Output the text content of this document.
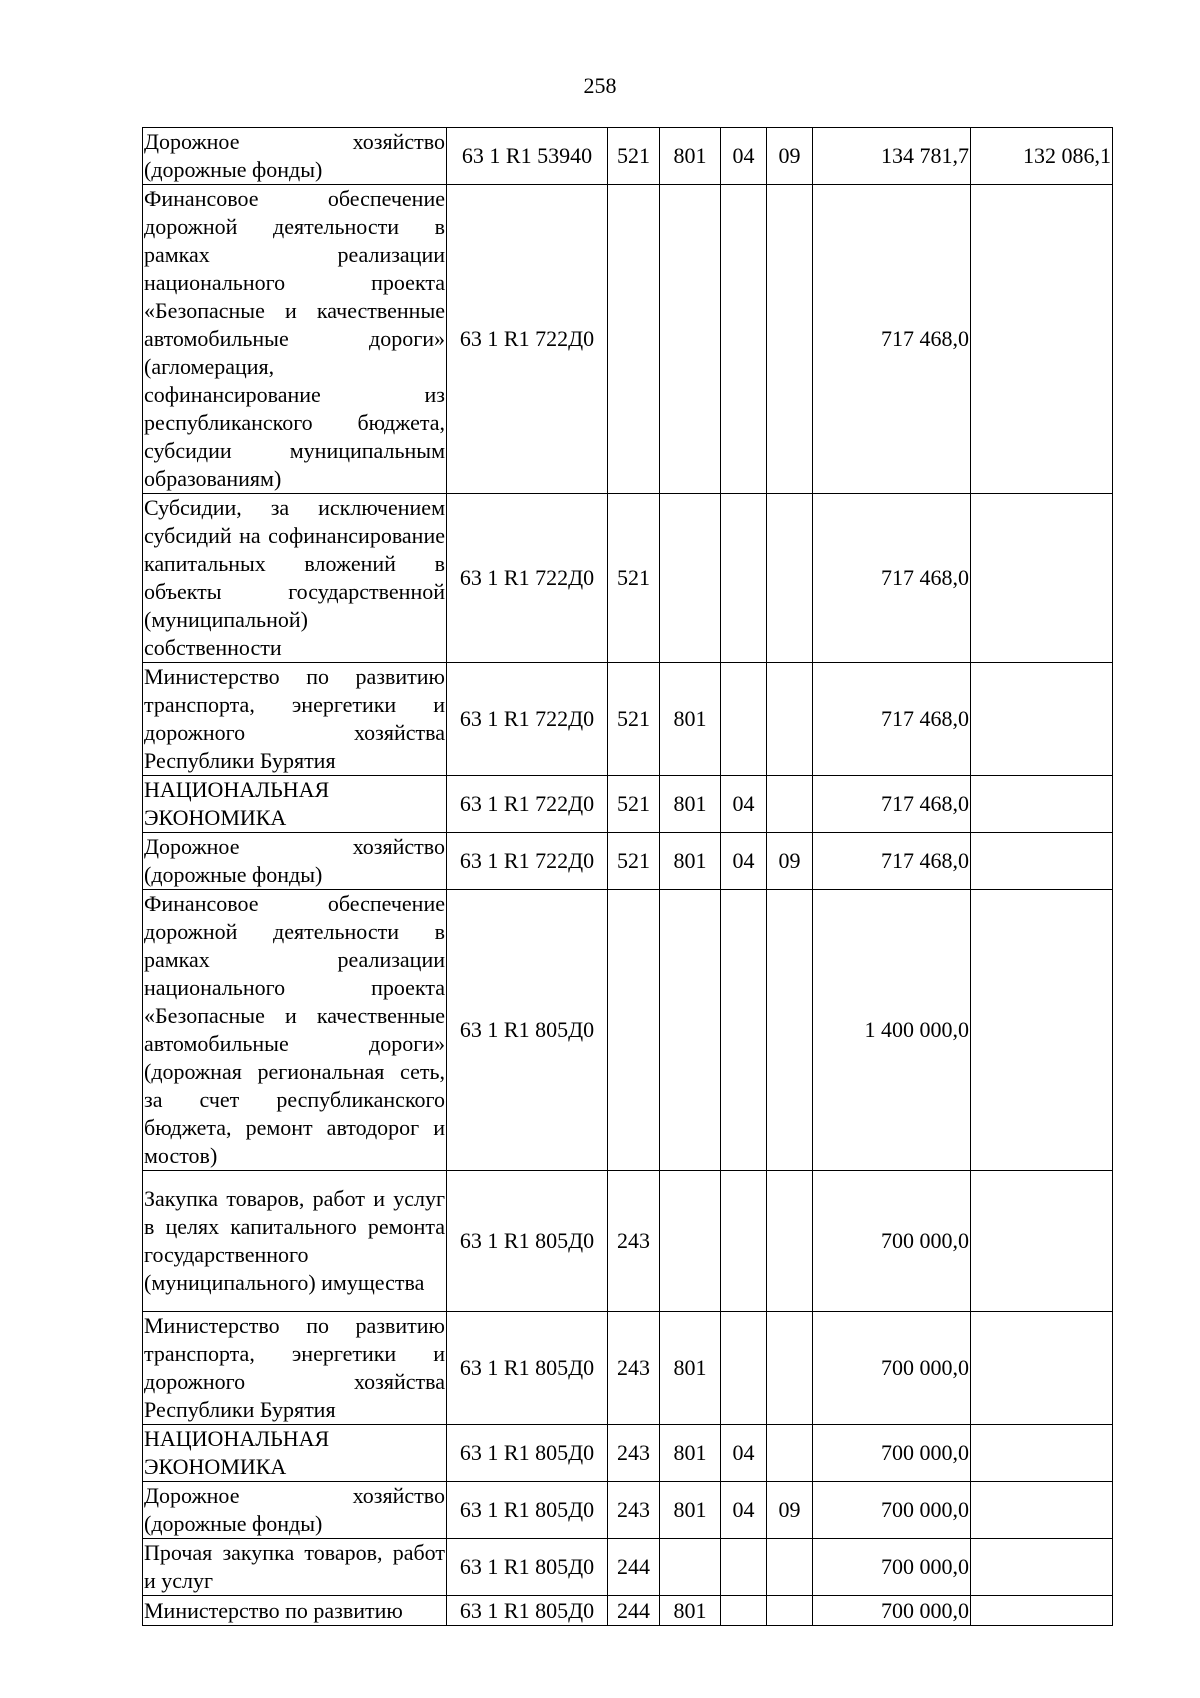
258
Дорожное хозяйство (дорожные фонды)	63 1 R1 53940	521	801	04	09	134 781,7	132 086,1
Финансовое обеспечение дорожной деятельности в рамках реализации национального проекта «Безопасные и качественные автомобильные дороги» (агломерация, софинансирование из республиканского бюджета, субсидии муниципальным образованиям)	63 1 R1 722Д0					717 468,0	
Субсидии, за исключением субсидий на софинансирование капитальных вложений в объекты государственной (муниципальной) собственности	63 1 R1 722Д0	521				717 468,0	
Министерство по развитию транспорта, энергетики и дорожного хозяйства Республики Бурятия	63 1 R1 722Д0	521	801			717 468,0	
НАЦИОНАЛЬНАЯ ЭКОНОМИКА	63 1 R1 722Д0	521	801	04		717 468,0	
Дорожное хозяйство (дорожные фонды)	63 1 R1 722Д0	521	801	04	09	717 468,0	
Финансовое обеспечение дорожной деятельности в рамках реализации национального проекта «Безопасные и качественные автомобильные дороги» (дорожная региональная сеть, за счет республиканского бюджета, ремонт автодорог и мостов)	63 1 R1 805Д0					1 400 000,0	
Закупка товаров, работ и услуг в целях капитального ремонта государственного (муниципального) имущества	63 1 R1 805Д0	243				700 000,0	
Министерство по развитию транспорта, энергетики и дорожного хозяйства Республики Бурятия	63 1 R1 805Д0	243	801			700 000,0	
НАЦИОНАЛЬНАЯ ЭКОНОМИКА	63 1 R1 805Д0	243	801	04		700 000,0	
Дорожное хозяйство (дорожные фонды)	63 1 R1 805Д0	243	801	04	09	700 000,0	
Прочая закупка товаров, работ и услуг	63 1 R1 805Д0	244				700 000,0	
Министерство по развитию	63 1 R1 805Д0	244	801			700 000,0	
